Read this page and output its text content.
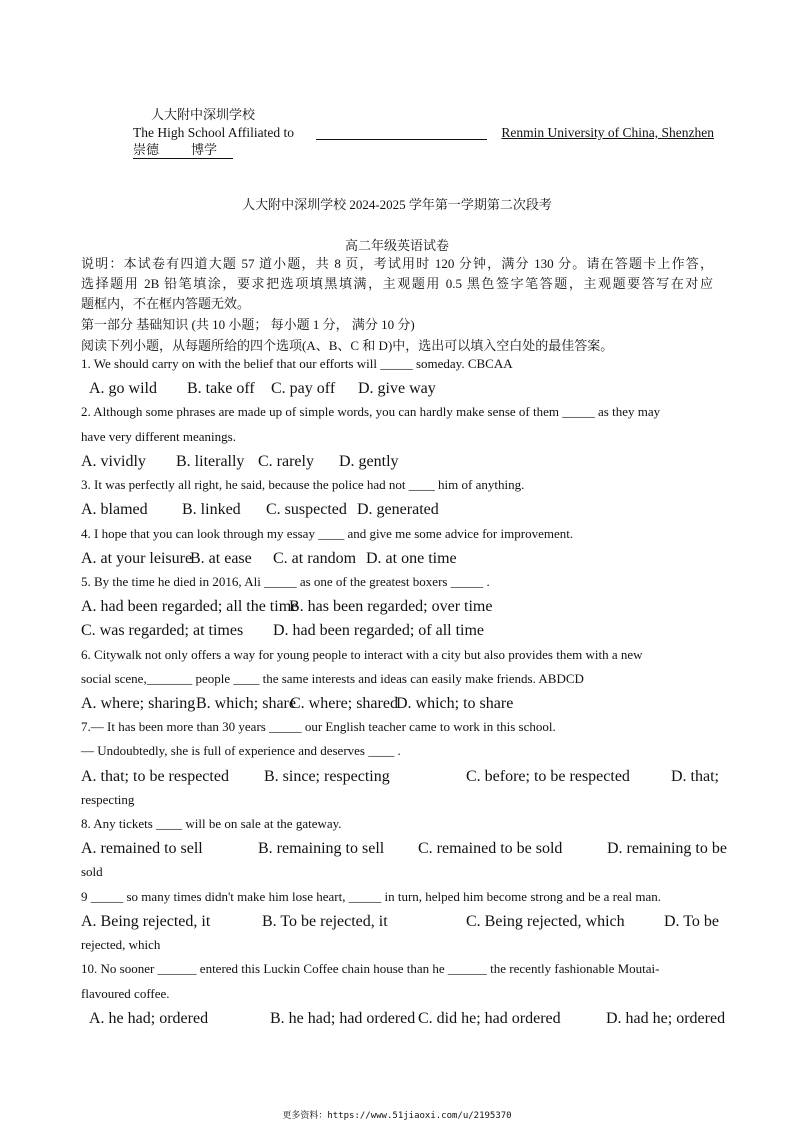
人大附中深圳学校
The High School Affiliated to	Renmin University of China, Shenzhen
崇德 博学
人大附中深圳学校 2024-2025 学年第一学期第二次段考
高二年级英语试卷
说明：本试卷有四道大题 57 道小题，共 8 页，考试用时 120 分钟，满分 130 分。请在答题卡上作答，
选择题用 2B 铅笔填涂，要求把选项填黑填满，主观题用 0.5 黑色签字笔答题，主观题要答写在对应
题框内，不在框内答题无效。
第一部分 基础知识 (共 10 小题； 每小题 1 分， 满分 10 分)
阅读下列小题，从每题所给的四个选项(A、B、C 和 D)中，选出可以填入空白处的最佳答案。
1. We should carry on with the belief that our efforts will _____ someday. CBCAA
A. go wild B. take off C. pay off D. give way
2. Although some phrases are made up of simple words, you can hardly make sense of them _____ as they may
have very different meanings.
A. vividly B. literally C. rarely D. gently
3. It was perfectly all right, he said, because the police had not ____ him of anything.
A. blamed B. linked C. suspected D. generated
4. I hope that you can look through my essay ____ and give me some advice for improvement.
A. at your leisure
B. at ease C. at random D. at one time
5. By the time he died in 2016, Ali _____ as one of the greatest boxers _____ .
A. had been regarded; all the time
B. has been regarded; over time
C. was regarded; at times D. had been regarded; of all time
6. Citywalk not only offers a way for young people to interact with a city but also provides them with a new
social scene,_______ people ____ the same interests and ideas can easily make friends. ABDCD
A. where; sharing B. which; share
C. where; shared
D. which; to share
7.— It has been more than 30 years _____ our English teacher came to work in this school.
— Undoubtedly, she is full of experience and deserves ____ .
A. that; to be respected B. since; respecting	C. before; to be respected	D. that;
respecting
8. Any tickets ____ will be on sale at the gateway.
A. remained to sell	B. remaining to sell C. remained to be sold	D. remaining to be
sold
9 _____ so many times didn't make him lose heart, _____ in turn, helped him become strong and be a real man.
A. Being rejected, it	B. To be rejected, it	C. Being rejected, which D. To be
rejected, which
10. No sooner ______ entered this Luckin Coffee chain house than he ______ the recently fashionable Moutai-
flavoured coffee.
A. he had; ordered	B. he had; had ordered C. did he; had ordered	D. had he; ordered
更多资料：https://www.51jiaoxi.com/u/2195370
